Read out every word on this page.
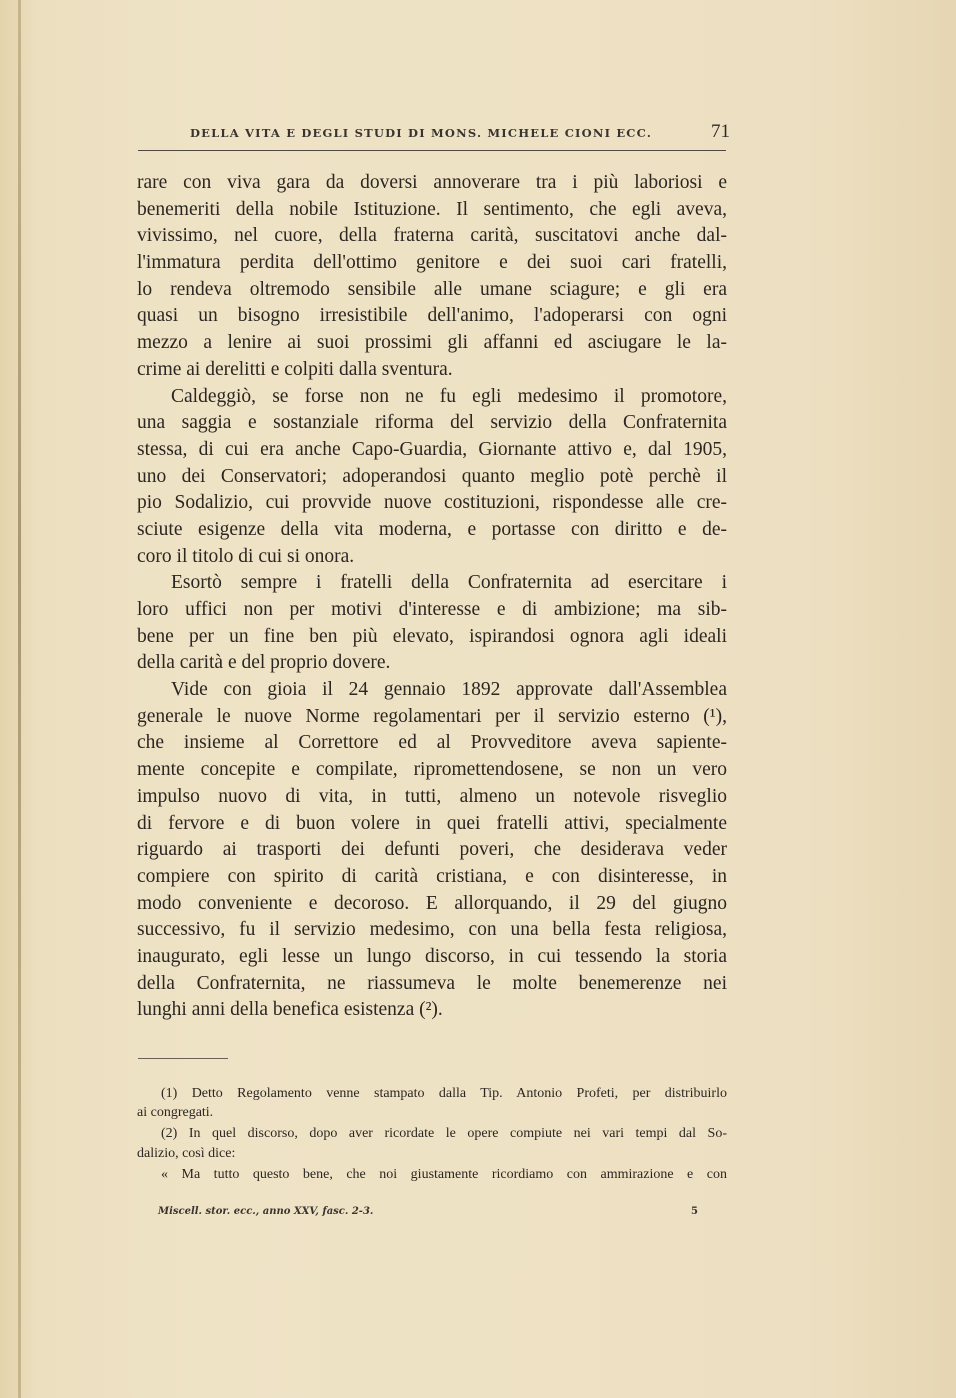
DELLA VITA E DEGLI STUDI DI MONS. MICHELE CIONI ECC.	71
rare con viva gara da doversi annoverare tra i più laboriosi e
benemeriti della nobile Istituzione. Il sentimento, che egli aveva,
vivissimo, nel cuore, della fraterna carità, suscitatovi anche dal-
l'immatura perdita dell'ottimo genitore e dei suoi cari fratelli,
lo rendeva oltremodo sensibile alle umane sciagure; e gli era
quasi un bisogno irresistibile dell'animo, l'adoperarsi con ogni
mezzo a lenire ai suoi prossimi gli affanni ed asciugare le la-
crime ai derelitti e colpiti dalla sventura.
Caldeggiò, se forse non ne fu egli medesimo il promotore,
una saggia e sostanziale riforma del servizio della Confraternita
stessa, di cui era anche Capo-Guardia, Giornante attivo e, dal 1905,
uno dei Conservatori; adoperandosi quanto meglio potè perchè il
pio Sodalizio, cui provvide nuove costituzioni, rispondesse alle cre-
sciute esigenze della vita moderna, e portasse con diritto e de-
coro il titolo di cui si onora.
Esortò sempre i fratelli della Confraternita ad esercitare i
loro uffici non per motivi d'interesse e di ambizione; ma sib-
bene per un fine ben più elevato, ispirandosi ognora agli ideali
della carità e del proprio dovere.
Vide con gioia il 24 gennaio 1892 approvate dall'Assemblea
generale le nuove Norme regolamentari per il servizio esterno (¹),
che insieme al Correttore ed al Provveditore aveva sapiente-
mente concepite e compilate, ripromettendosene, se non un vero
impulso nuovo di vita, in tutti, almeno un notevole risveglio
di fervore e di buon volere in quei fratelli attivi, specialmente
riguardo ai trasporti dei defunti poveri, che desiderava veder
compiere con spirito di carità cristiana, e con disinteresse, in
modo conveniente e decoroso. E allorquando, il 29 del giugno
successivo, fu il servizio medesimo, con una bella festa religiosa,
inaugurato, egli lesse un lungo discorso, in cui tessendo la storia
della Confraternita, ne riassumeva le molte benemerenze nei
lunghi anni della benefica esistenza (²).
(1) Detto Regolamento venne stampato dalla Tip. Antonio Profeti, per distribuirlo
ai congregati.
(2) In quel discorso, dopo aver ricordate le opere compiute nei vari tempi dal So-
dalizio, così dice:
« Ma tutto questo bene, che noi giustamente ricordiamo con ammirazione e con
Miscell. stor. ecc., anno XXV, fasc. 2-3.	5
